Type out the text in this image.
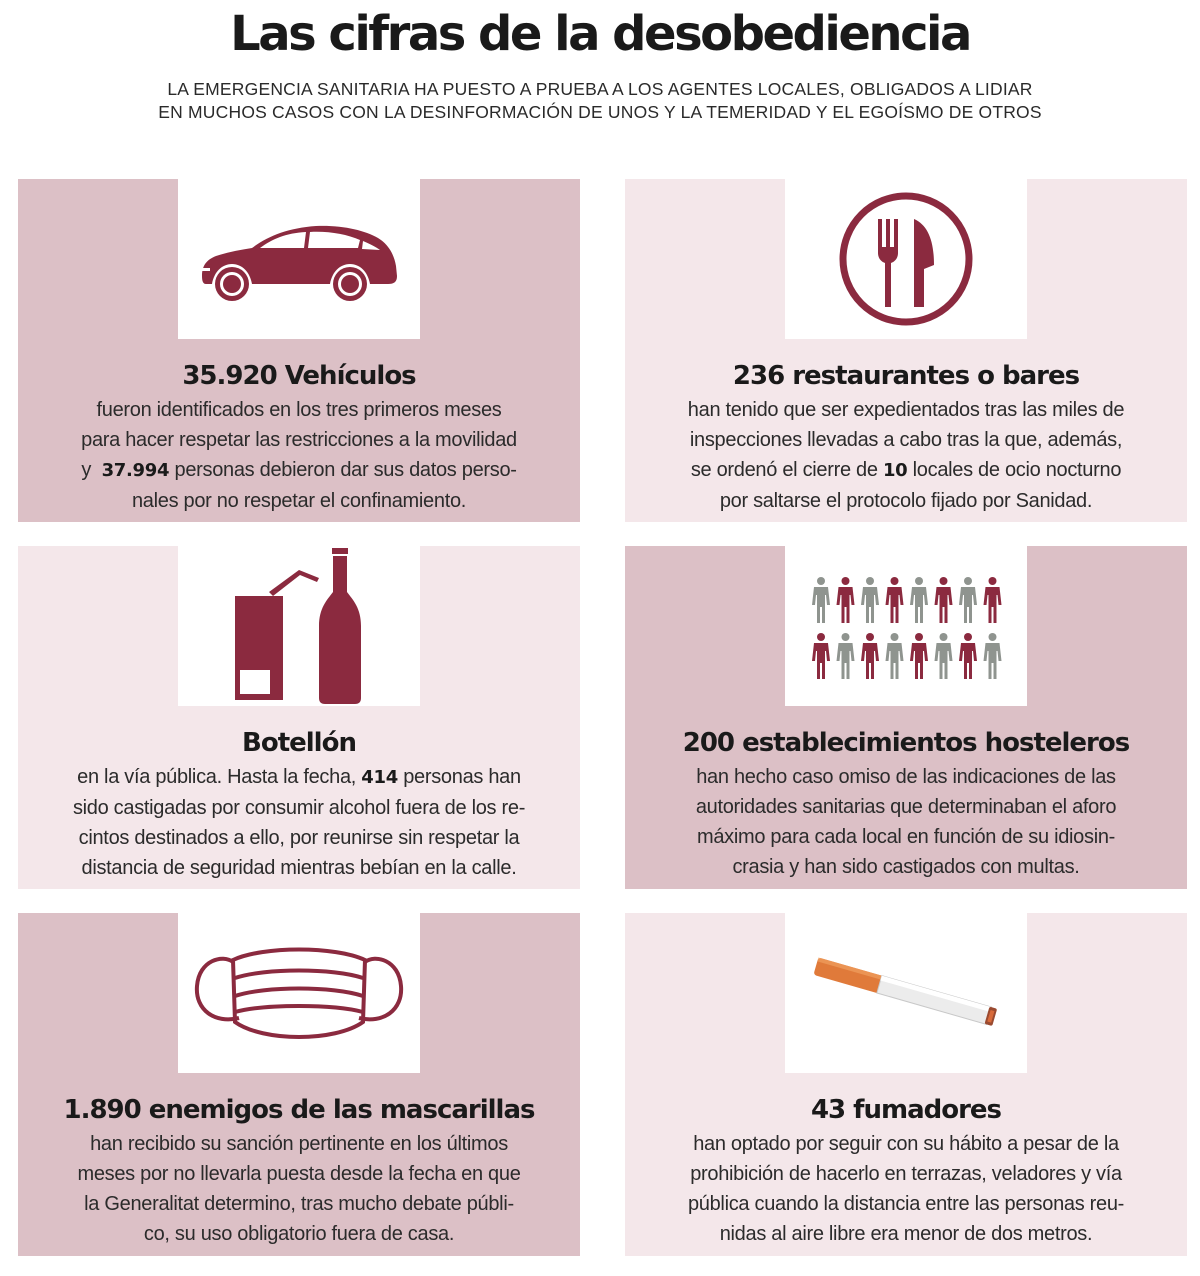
Las cifras de la desobediencia
LA EMERGENCIA SANITARIA HA PUESTO A PRUEBA A LOS AGENTES LOCALES, OBLIGADOS A LIDIAR
EN MUCHOS CASOS CON LA DESINFORMACIÓN DE UNOS Y LA TEMERIDAD Y EL EGOÍSMO DE OTROS
35.920 Vehículos
fueron identificados en los tres primeros meses
para hacer respetar las restricciones a la movilidad
y  37.994 personas debieron dar sus datos perso-
nales por no respetar el confinamiento.
236 restaurantes o bares
han tenido que ser expedientados tras las miles de
inspecciones llevadas a cabo tras la que, además,
se ordenó el cierre de 10 locales de ocio nocturno
por saltarse el protocolo fijado por Sanidad.
Botellón
en la vía pública. Hasta la fecha, 414 personas han
sido castigadas por consumir alcohol fuera de los re-
cintos destinados a ello, por reunirse sin respetar la
distancia de seguridad mientras bebían en la calle.
200 establecimientos hosteleros
han hecho caso omiso de las indicaciones de las
autoridades sanitarias que determinaban el aforo
máximo para cada local en función de su idiosin-
crasia y han sido castigados con multas.
1.890 enemigos de las mascarillas
han recibido su sanción pertinente en los últimos
meses por no llevarla puesta desde la fecha en que
la Generalitat determino, tras mucho debate públi-
co, su uso obligatorio fuera de casa.
43 fumadores
han optado por seguir con su hábito a pesar de la
prohibición de hacerlo en terrazas, veladores y vía
pública cuando la distancia entre las personas reu-
nidas al aire libre era menor de dos metros.
